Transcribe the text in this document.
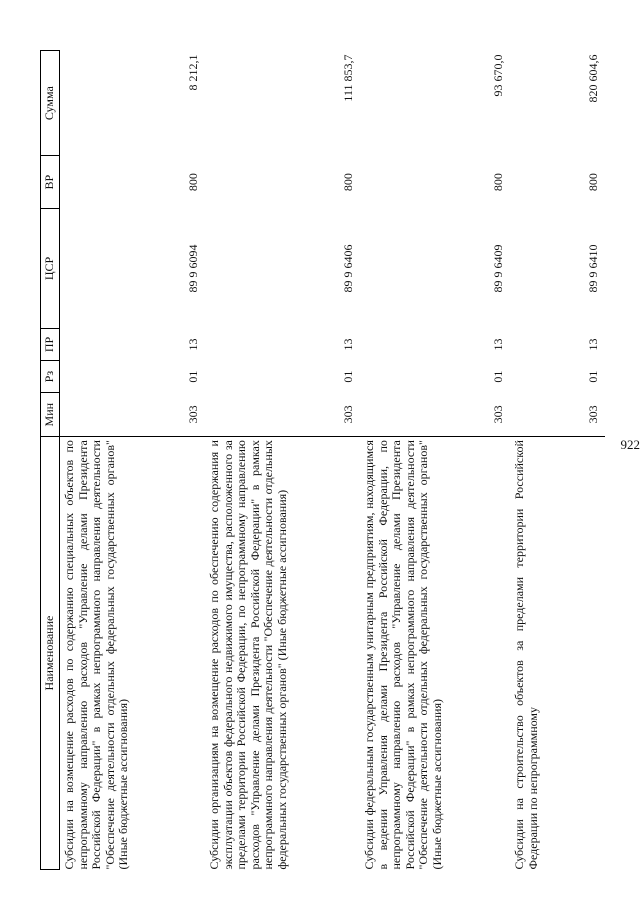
922
Наименование	Мин	Рз	ПР	ЦСР	ВР	Сумма
Субсидии на возмещение расходов по содержанию специальных объектов по непрограммному направлению расходов "Управление делами Президента Российской Федерации" в рамках непрограммного направления деятельности "Обеспечение деятельности отдельных федеральных государственных органов" (Иные бюджетные ассигнования)	303	01	13	89 9 6094	800	8 212,1
Субсидии организациям на возмещение расходов по обеспечению содержания и эксплуатации объектов федерального недвижимого имущества, расположенного за пределами территории Российской Федерации, по непрограммному направлению расходов "Управление делами Президента Российской Федерации" в рамках непрограммного направления деятельности "Обеспечение деятельности отдельных федеральных государственных органов" (Иные бюджетные ассигнования)	303	01	13	89 9 6406	800	111 853,7
Субсидии федеральным государственным унитарным предприятиям, находящимся в ведении Управления делами Президента Российской Федерации, по непрограммному направлению расходов "Управление делами Президента Российской Федерации" в рамках непрограммного направления деятельности "Обеспечение деятельности отдельных федеральных государственных органов" (Иные бюджетные ассигнования)	303	01	13	89 9 6409	800	93 670,0
Субсидии на строительство объектов за пределами территории Российской Федерации по непрограммному	303	01	13	89 9 6410	800	820 604,6
